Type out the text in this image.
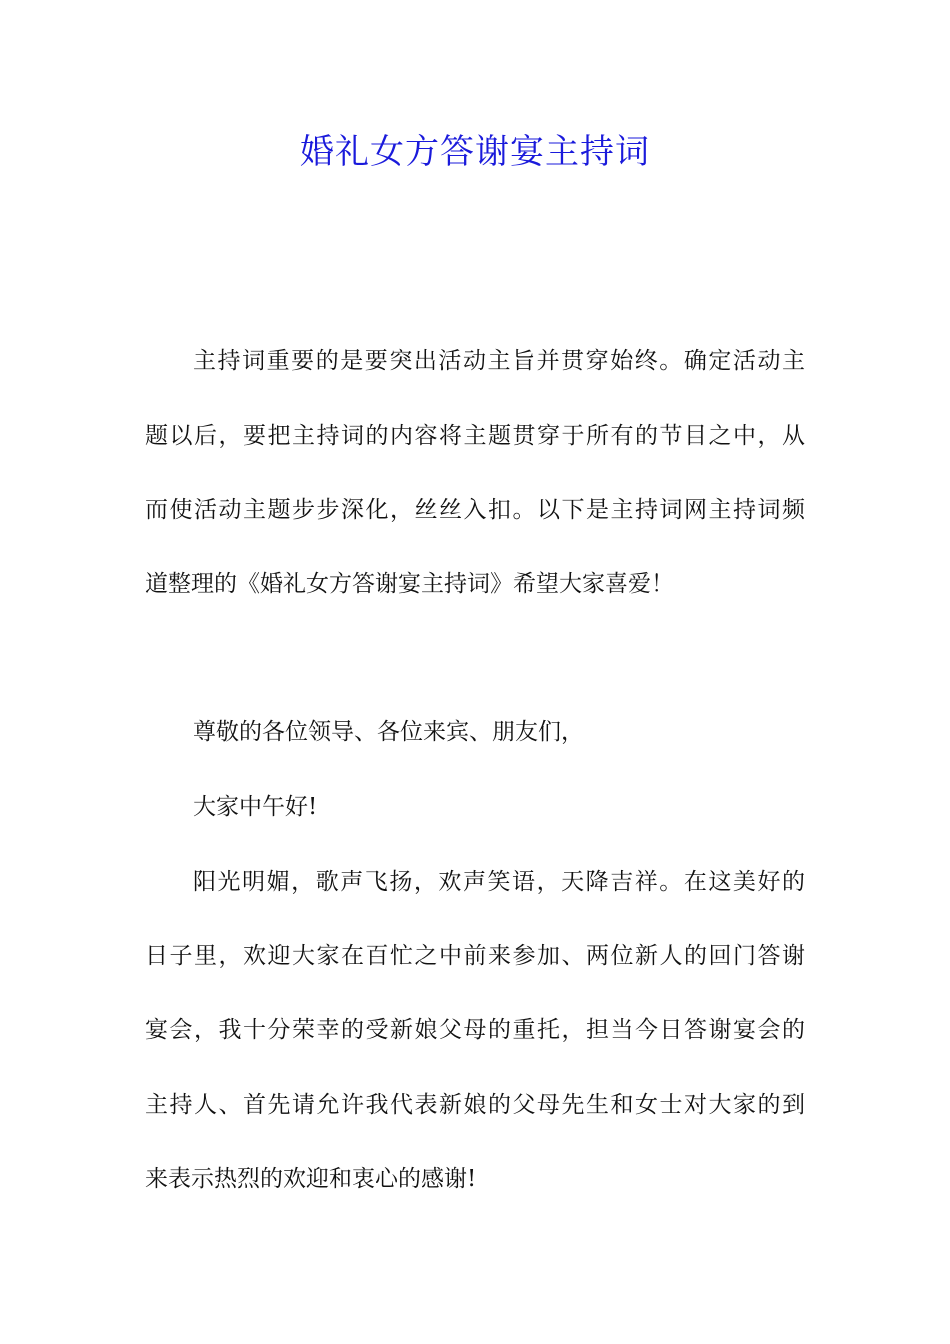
婚礼女方答谢宴主持词
主持词重要的是要突出活动主旨并贯穿始终。确定活动主
题以后，要把主持词的内容将主题贯穿于所有的节目之中，从
而使活动主题步步深化，丝丝入扣。以下是主持词网主持词频
道整理的《婚礼女方答谢宴主持词》希望大家喜爱！
尊敬的各位领导、各位来宾、朋友们，
大家中午好!
阳光明媚，歌声飞扬，欢声笑语，天降吉祥。在这美好的
日子里，欢迎大家在百忙之中前来参加、两位新人的回门答谢
宴会，我十分荣幸的受新娘父母的重托，担当今日答谢宴会的
主持人、首先请允许我代表新娘的父母先生和女士对大家的到
来表示热烈的欢迎和衷心的感谢!
